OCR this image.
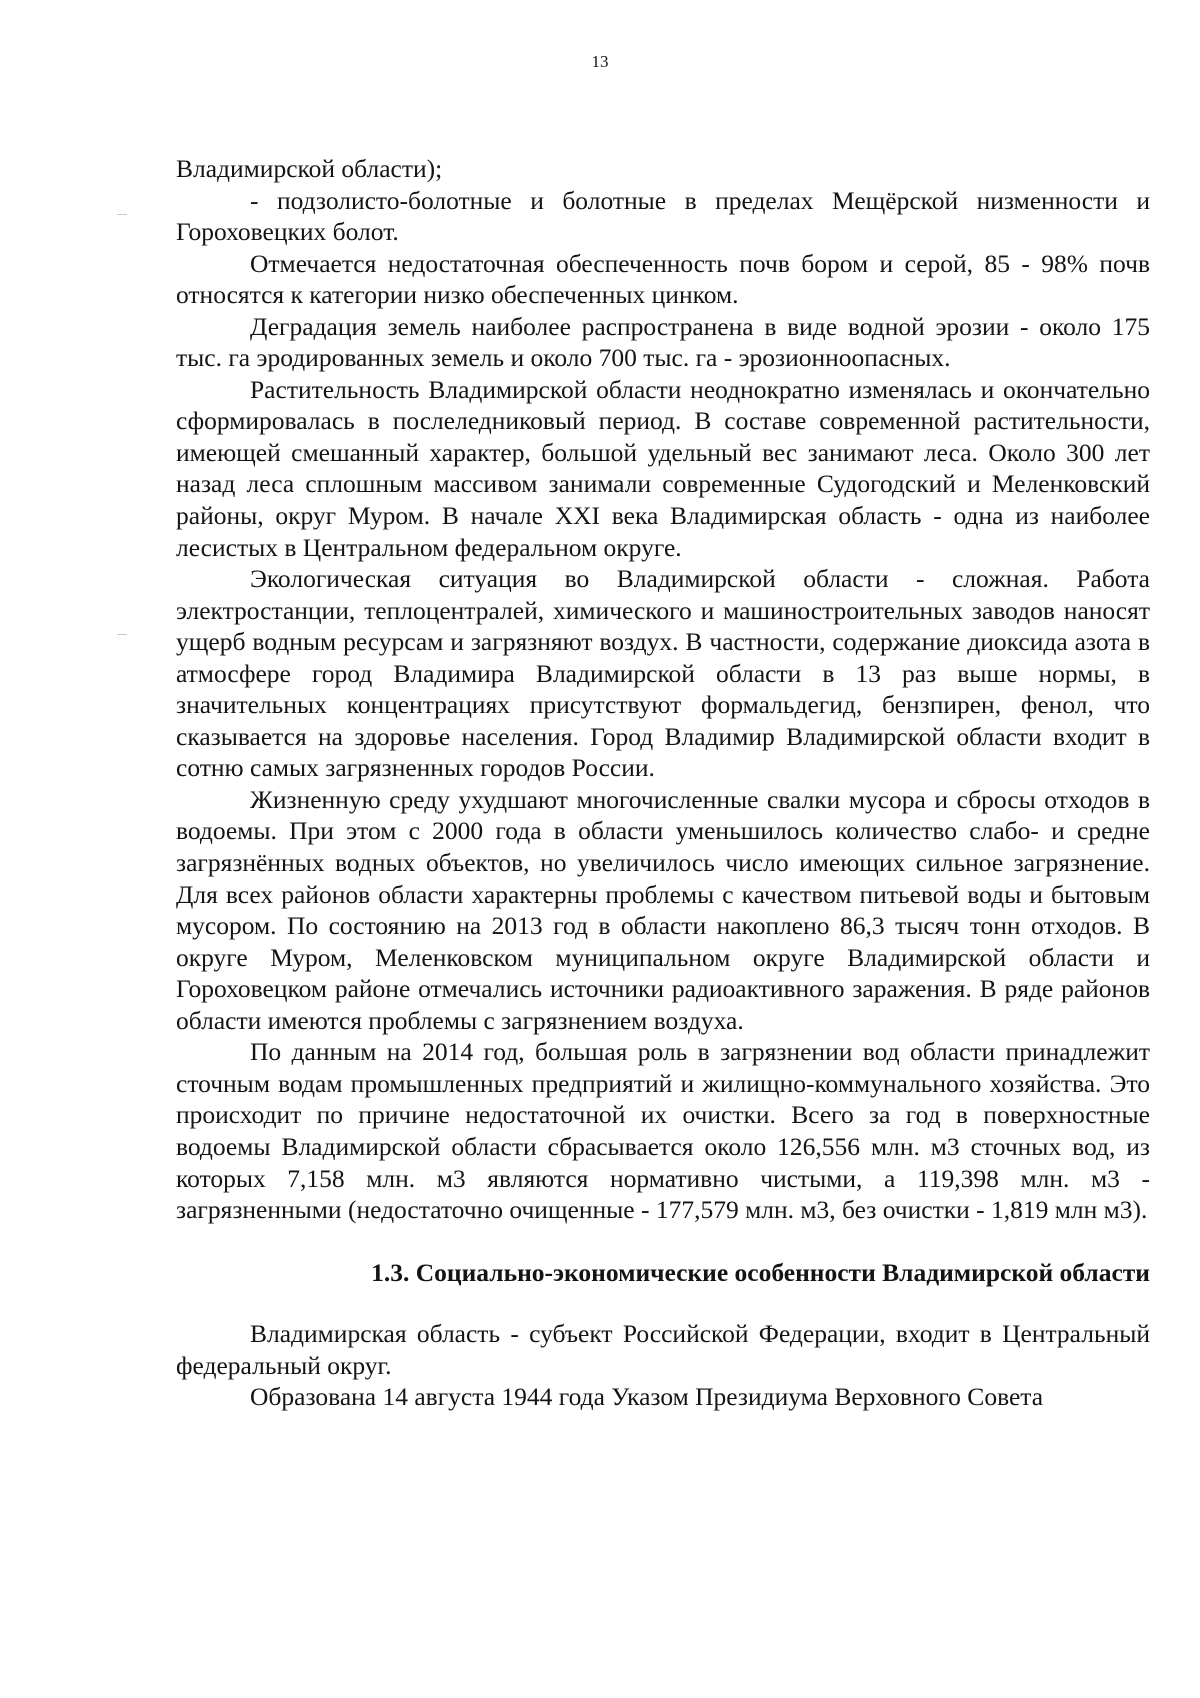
13

Владимирской области);

- подзолисто-болотные и болотные в пределах Мещёрской низменности и Гороховецких болот.

Отмечается недостаточная обеспеченность почв бором и серой, 85 - 98% почв относятся к категории низко обеспеченных цинком.

Деградация земель наиболее распространена в виде водной эрозии - около 175 тыс. га эродированных земель и около 700 тыс. га - эрозионноопасных.

Растительность Владимирской области неоднократно изменялась и окончательно сформировалась в послеледниковый период. В составе современной растительности, имеющей смешанный характер, большой удельный вес занимают леса. Около 300 лет назад леса сплошным массивом занимали современные Судогодский и Меленковский районы, округ Муром. В начале XXI века Владимирская область - одна из наиболее лесистых в Центральном федеральном округе.

Экологическая ситуация во Владимирской области - сложная. Работа электростанции, теплоцентралей, химического и машиностроительных заводов наносят ущерб водным ресурсам и загрязняют воздух. В частности, содержание диоксида азота в атмосфере город Владимира Владимирской области в 13 раз выше нормы, в значительных концентрациях присутствуют формальдегид, бензпирен, фенол, что сказывается на здоровье населения. Город Владимир Владимирской области входит в сотню самых загрязненных городов России.

Жизненную среду ухудшают многочисленные свалки мусора и сбросы отходов в водоемы. При этом с 2000 года в области уменьшилось количество слабо- и средне загрязнённых водных объектов, но увеличилось число имеющих сильное загрязнение. Для всех районов области характерны проблемы с качеством питьевой воды и бытовым мусором. По состоянию на 2013 год в области накоплено 86,3 тысяч тонн отходов. В округе Муром, Меленковском муниципальном округе Владимирской области и Гороховецком районе отмечались источники радиоактивного заражения. В ряде районов области имеются проблемы с загрязнением воздуха.

По данным на 2014 год, большая роль в загрязнении вод области принадлежит сточным водам промышленных предприятий и жилищно-коммунального хозяйства. Это происходит по причине недостаточной их очистки. Всего за год в поверхностные водоемы Владимирской области сбрасывается около 126,556 млн. м3 сточных вод, из которых 7,158 млн. м3 являются нормативно чистыми, а 119,398 млн. м3 - загрязненными (недостаточно очищенные - 177,579 млн. м3, без очистки - 1,819 млн м3).

1.3. Социально-экономические особенности Владимирской области

Владимирская область - субъект Российской Федерации, входит в Центральный федеральный округ.

Образована 14 августа 1944 года Указом Президиума Верховного Совета
